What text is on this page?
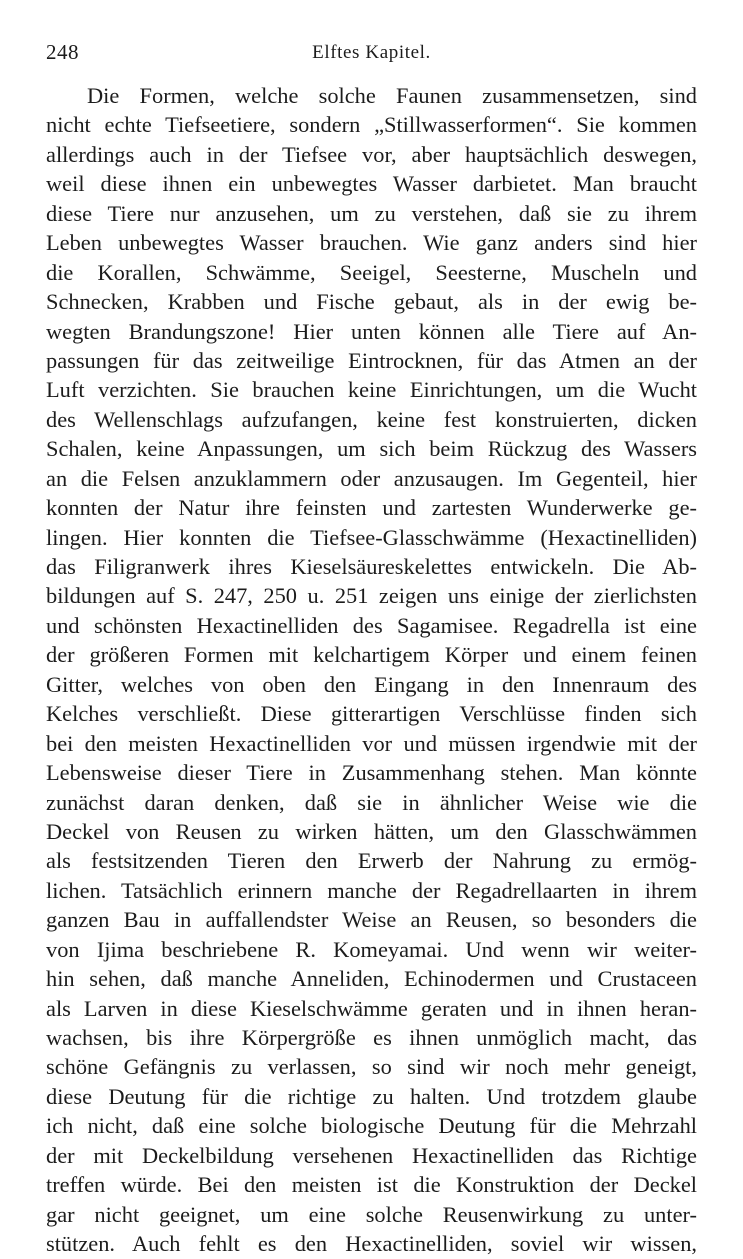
248	Elftes Kapitel.
Die Formen, welche solche Faunen zusammensetzen, sind
nicht echte Tiefseetiere, sondern „Stillwasserformen“. Sie kommen
allerdings auch in der Tiefsee vor, aber hauptsächlich deswegen,
weil diese ihnen ein unbewegtes Wasser darbietet. Man braucht
diese Tiere nur anzusehen, um zu verstehen, daß sie zu ihrem
Leben unbewegtes Wasser brauchen. Wie ganz anders sind hier
die Korallen, Schwämme, Seeigel, Seesterne, Muscheln und
Schnecken, Krabben und Fische gebaut, als in der ewig be-
wegten Brandungszone! Hier unten können alle Tiere auf An-
passungen für das zeitweilige Eintrocknen, für das Atmen an der
Luft verzichten. Sie brauchen keine Einrichtungen, um die Wucht
des Wellenschlags aufzufangen, keine fest konstruierten, dicken
Schalen, keine Anpassungen, um sich beim Rückzug des Wassers
an die Felsen anzuklammern oder anzusaugen. Im Gegenteil, hier
konnten der Natur ihre feinsten und zartesten Wunderwerke ge-
lingen. Hier konnten die Tiefsee-Glasschwämme (Hexactinelliden)
das Filigranwerk ihres Kieselsäureskelettes entwickeln. Die Ab-
bildungen auf S. 247, 250 u. 251 zeigen uns einige der zierlichsten
und schönsten Hexactinelliden des Sagamisee. Regadrella ist eine
der größeren Formen mit kelchartigem Körper und einem feinen
Gitter, welches von oben den Eingang in den Innenraum des
Kelches verschließt. Diese gitterartigen Verschlüsse finden sich
bei den meisten Hexactinelliden vor und müssen irgendwie mit der
Lebensweise dieser Tiere in Zusammenhang stehen. Man könnte
zunächst daran denken, daß sie in ähnlicher Weise wie die
Deckel von Reusen zu wirken hätten, um den Glasschwämmen
als festsitzenden Tieren den Erwerb der Nahrung zu ermög-
lichen. Tatsächlich erinnern manche der Regadrellaarten in ihrem
ganzen Bau in auffallendster Weise an Reusen, so besonders die
von Ijima beschriebene R. Komeyamai. Und wenn wir weiter-
hin sehen, daß manche Anneliden, Echinodermen und Crustaceen
als Larven in diese Kieselschwämme geraten und in ihnen heran-
wachsen, bis ihre Körpergröße es ihnen unmöglich macht, das
schöne Gefängnis zu verlassen, so sind wir noch mehr geneigt,
diese Deutung für die richtige zu halten. Und trotzdem glaube
ich nicht, daß eine solche biologische Deutung für die Mehrzahl
der mit Deckelbildung versehenen Hexactinelliden das Richtige
treffen würde. Bei den meisten ist die Konstruktion der Deckel
gar nicht geeignet, um eine solche Reusenwirkung zu unter-
stützen. Auch fehlt es den Hexactinelliden, soviel wir wissen,
